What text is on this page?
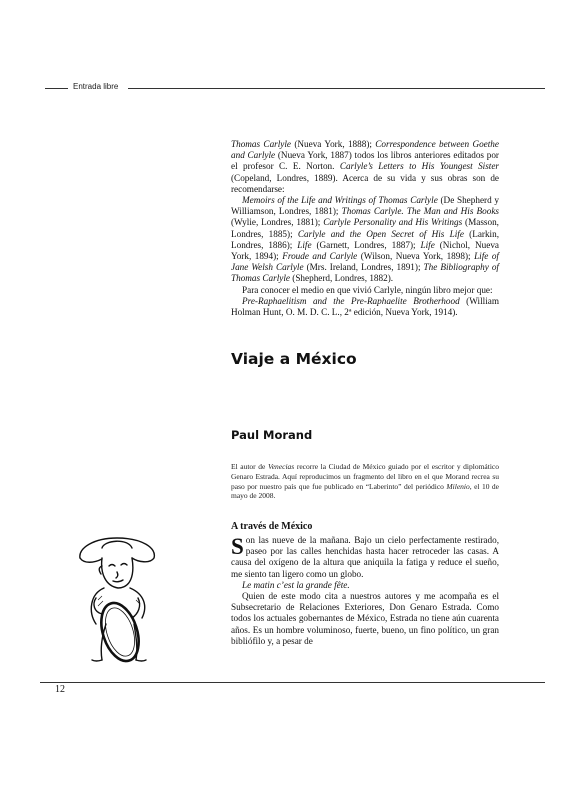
Entrada libre

Thomas Carlyle (Nueva York, 1888); Correspondence between Goethe and Carlyle (Nueva York, 1887) todos los libros anteriores editados por el profesor C. E. Norton. Carlyle’s Letters to His Youngest Sister (Copeland, Londres, 1889). Acerca de su vida y sus obras son de recomendarse:

Memoirs of the Life and Writings of Thomas Carlyle (De Shepherd y Williamson, Londres, 1881); Thomas Carlyle. The Man and His Books (Wylie, Londres, 1881); Carlyle Personality and His Writings (Masson, Londres, 1885); Carlyle and the Open Secret of His Life (Larkin, Londres, 1886); Life (Garnett, Londres, 1887); Life (Nichol, Nueva York, 1894); Froude and Carlyle (Wilson, Nueva York, 1898); Life of Jane Welsh Carlyle (Mrs. Ireland, Londres, 1891); The Bibliography of Thomas Carlyle (Shepherd, Londres, 1882).

Para conocer el medio en que vivió Carlyle, ningún libro mejor que:

Pre-Raphaelitism and the Pre-Raphaelite Brotherhood (William Holman Hunt, O. M. D. C. L., 2ª edición, Nueva York, 1914).

Viaje a México
Paul Morand
El autor de Venecias recorre la Ciudad de México guiado por el escritor y diplomático Genaro Estrada. Aquí reproducimos un fragmento del libro en el que Morand recrea su paso por nuestro país que fue publicado en “Laberinto” del periódico Milenio, el 10 de mayo de 2008.
A través de México

Son las nueve de la mañana. Bajo un cielo perfectamente restirado, paseo por las calles henchidas hasta hacer retroceder las casas. A causa del oxígeno de la altura que aniquila la fatiga y reduce el sueño, me siento tan ligero como un globo.

Le matin c’est la grande fête.

Quien de este modo cita a nuestros autores y me acompaña es el Subsecretario de Relaciones Exteriores, Don Genaro Estrada. Como todos los actuales gobernantes de México, Estrada no tiene aún cuarenta años. Es un hombre voluminoso, fuerte, bueno, un fino político, un gran bibliófilo y, a pesar de

12
